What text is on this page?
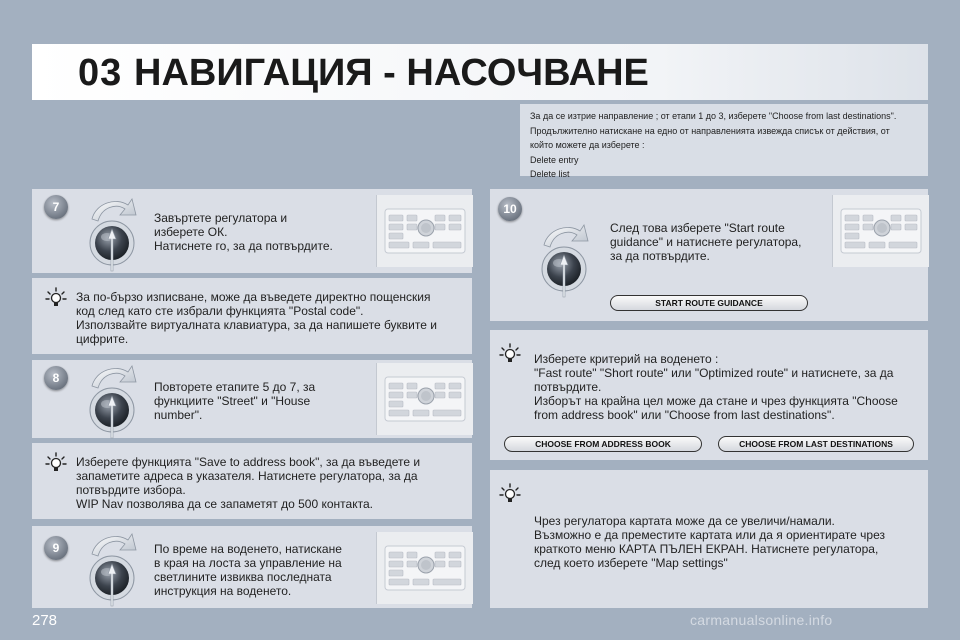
03 НАВИГАЦИЯ - НАСОЧВАНЕ
За да се изтрие направление ; от етапи 1 до 3, изберете "Choose from last destinations".
Продължително натискане на едно от направленията извежда списък от действия, от
който можете да изберете :
Delete entry
Delete list
7
Завъртете регулатора и
изберете ОК.
Натиснете го, за да потвърдите.
За по-бързо изписване, може да въведете директно пощенския
код след като сте избрали функцията "Postal code".
Използвайте виртуалната клавиатура, за да напишете буквите и
цифрите.
8
Повторете етапите 5 до 7, за
функциите "Street" и "House
number".
Изберете функцията "Save to address book", за да въведете и
запаметите адреса в указателя. Натиснете регулатора, за да
потвърдите избора.
WIP Nav позволява да се запаметят до 500 контакта.
9	По време на воденето, натискане
в края на лоста за управление на
светлините извиква последната
инструкция на воденето.
10
След това изберете "Start route
guidance" и натиснете регулатора,
за да потвърдите.
START ROUTE GUIDANCE
Изберете критерий на воденето :
"Fast route" "Short route" или "Optimized route" и натиснете, за да
потвърдите.
Изборът на крайна цел може да стане и чрез функцията "Choose
from address book" или "Choose from last destinations".
CHOOSE FROM ADDRESS BOOK	CHOOSE FROM LAST DESTINATIONS
Чрез регулатора картата може да се увеличи/намали.
Възможно е да преместите картата или да я ориентирате чрез
краткото меню КАРТА ПЪЛЕН ЕКРАН. Натиснете регулатора,
след което изберете "Map settings"
278	carmanualsonline.info
